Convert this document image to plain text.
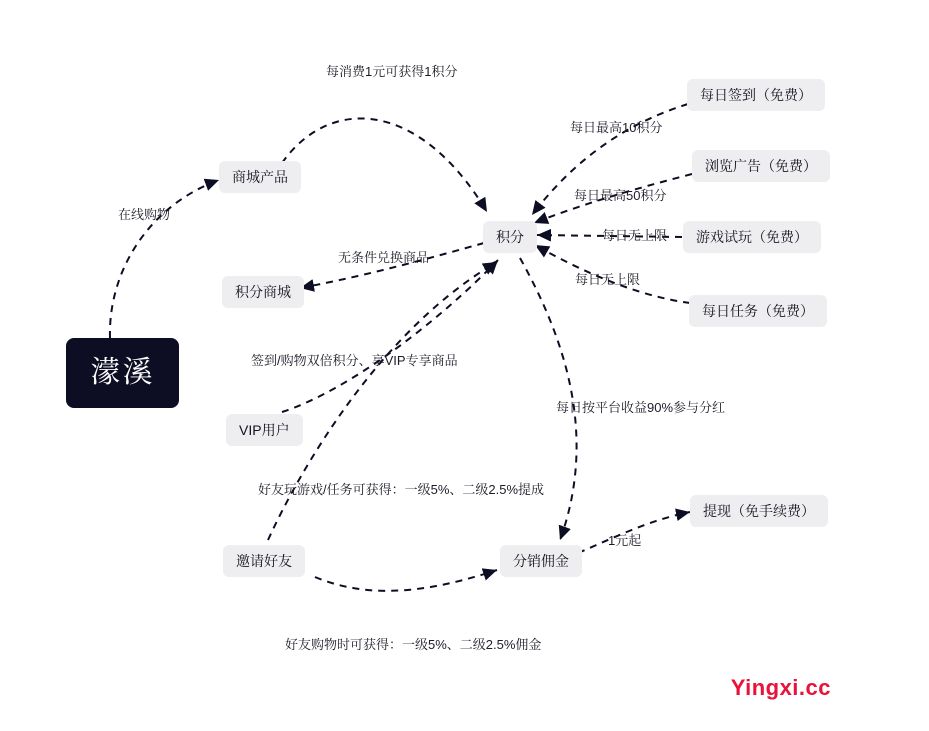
濛溪
商城产品
积分
积分商城
VIP用户
邀请好友	分销佣金
每日签到（免费）
浏览广告（免费）
游戏试玩（免费）
每日任务（免费）
提现（免手续费）
在线购物
每消费1元可获得1积分
每日最高10积分
每日最高50积分
每日无上限
每日无上限
无条件兑换商品
签到/购物双倍积分、享VIP专享商品
好友玩游戏/任务可获得：一级5%、二级2.5%提成
好友购物时可获得：一级5%、二级2.5%佣金
每日按平台收益90%参与分红
1元起
Yingxi.cc
